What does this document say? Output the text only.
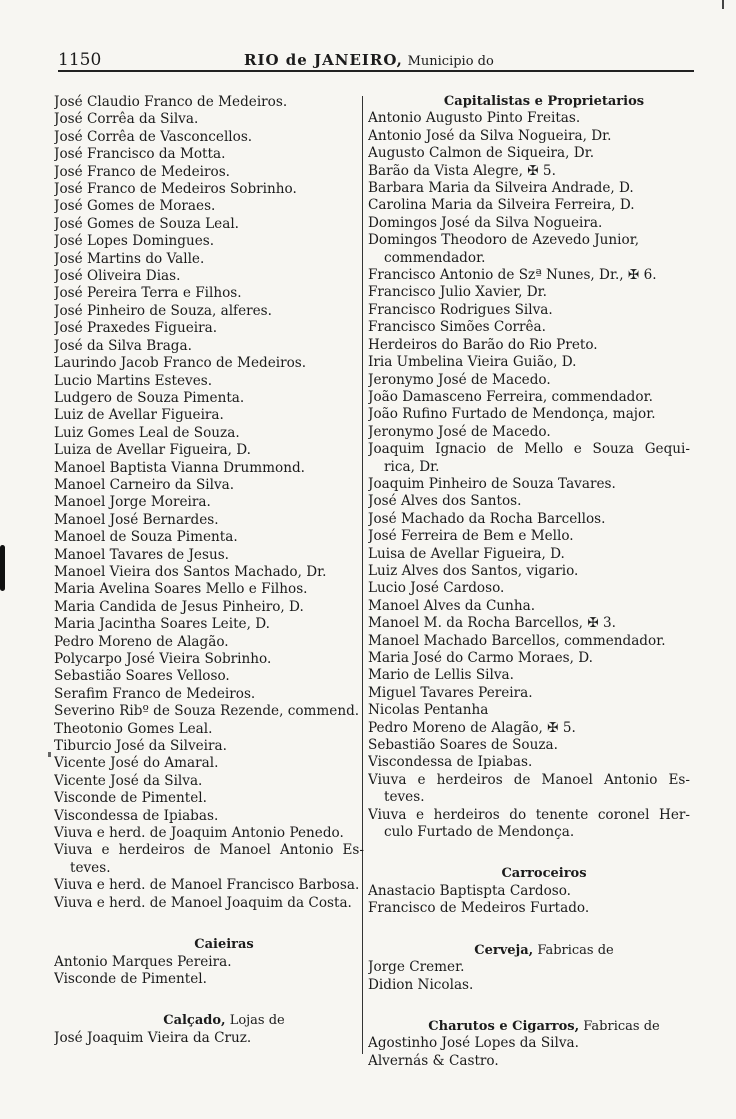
1150	RIO de JANEIRO, Municipio do
José Claudio Franco de Medeiros.
José Corrêa da Silva.
José Corrêa de Vasconcellos.
José Francisco da Motta.
José Franco de Medeiros.
José Franco de Medeiros Sobrinho.
José Gomes de Moraes.
José Gomes de Souza Leal.
José Lopes Domingues.
José Martins do Valle.
José Oliveira Dias.
José Pereira Terra e Filhos.
José Pinheiro de Souza, alferes.
José Praxedes Figueira.
José da Silva Braga.
Laurindo Jacob Franco de Medeiros.
Lucio Martins Esteves.
Ludgero de Souza Pimenta.
Luiz de Avellar Figueira.
Luiz Gomes Leal de Souza.
Luiza de Avellar Figueira, D.
Manoel Baptista Vianna Drummond.
Manoel Carneiro da Silva.
Manoel Jorge Moreira.
Manoel José Bernardes.
Manoel de Souza Pimenta.
Manoel Tavares de Jesus.
Manoel Vieira dos Santos Machado, Dr.
Maria Avelina Soares Mello e Filhos.
Maria Candida de Jesus Pinheiro, D.
Maria Jacintha Soares Leite, D.
Pedro Moreno de Alagão.
Polycarpo José Vieira Sobrinho.
Sebastião Soares Velloso.
Serafim Franco de Medeiros.
Severino Ribº de Souza Rezende, commend.
Theotonio Gomes Leal.
Tiburcio José da Silveira.
Vicente José do Amaral.
Vicente José da Silva.
Visconde de Pimentel.
Viscondessa de Ipiabas.
Viuva e herd. de Joaquim Antonio Penedo.
Viuva e herdeiros de Manoel Antonio Es-
teves.
Viuva e herd. de Manoel Francisco Barbosa.
Viuva e herd. de Manoel Joaquim da Costa.
Caieiras
Antonio Marques Pereira.
Visconde de Pimentel.
Calçado, Lojas de
José Joaquim Vieira da Cruz.
Capitalistas e Proprietarios
Antonio Augusto Pinto Freitas.
Antonio José da Silva Nogueira, Dr.
Augusto Calmon de Siqueira, Dr.
Barão da Vista Alegre, ✠ 5.
Barbara Maria da Silveira Andrade, D.
Carolina Maria da Silveira Ferreira, D.
Domingos José da Silva Nogueira.
Domingos Theodoro de Azevedo Junior,
commendador.
Francisco Antonio de Szª Nunes, Dr., ✠ 6.
Francisco Julio Xavier, Dr.
Francisco Rodrigues Silva.
Francisco Simões Corrêa.
Herdeiros do Barão do Rio Preto.
Iria Umbelina Vieira Guião, D.
Jeronymo José de Macedo.
João Damasceno Ferreira, commendador.
João Rufino Furtado de Mendonça, major.
Jeronymo José de Macedo.
Joaquim Ignacio de Mello e Souza Gequi-
rica, Dr.
Joaquim Pinheiro de Souza Tavares.
José Alves dos Santos.
José Machado da Rocha Barcellos.
José Ferreira de Bem e Mello.
Luisa de Avellar Figueira, D.
Luiz Alves dos Santos, vigario.
Lucio José Cardoso.
Manoel Alves da Cunha.
Manoel M. da Rocha Barcellos, ✠ 3.
Manoel Machado Barcellos, commendador.
Maria José do Carmo Moraes, D.
Mario de Lellis Silva.
Miguel Tavares Pereira.
Nicolas Pentanha
Pedro Moreno de Alagão, ✠ 5.
Sebastião Soares de Souza.
Viscondessa de Ipiabas.
Viuva e herdeiros de Manoel Antonio Es-
teves.
Viuva e herdeiros do tenente coronel Her-
culo Furtado de Mendonça.
Carroceiros
Anastacio Baptispta Cardoso.
Francisco de Medeiros Furtado.
Cerveja, Fabricas de
Jorge Cremer.
Didion Nicolas.
Charutos e Cigarros, Fabricas de
Agostinho José Lopes da Silva.
Alvernás & Castro.
